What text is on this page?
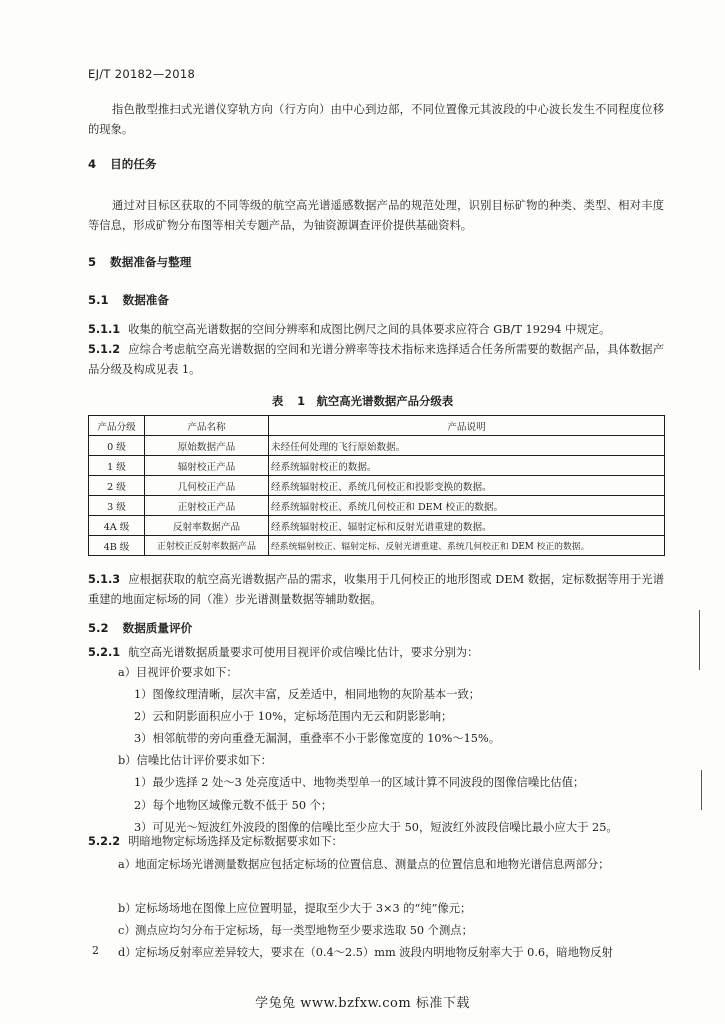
EJ/T 20182—2018
指色散型推扫式光谱仪穿轨方向（行方向）由中心到边部，不同位置像元其波段的中心波长发生不同程度位移的现象。
4 目的任务
通过对目标区获取的不同等级的航空高光谱遥感数据产品的规范处理，识别目标矿物的种类、类型、相对丰度等信息，形成矿物分布图等相关专题产品，为铀资源调查评价提供基础资料。
5 数据准备与整理
5.1 数据准备
5.1.1 收集的航空高光谱数据的空间分辨率和成图比例尺之间的具体要求应符合 GB/T 19294 中规定。
5.1.2 应综合考虑航空高光谱数据的空间和光谱分辨率等技术指标来选择适合任务所需要的数据产品，具体数据产品分级及构成见表 1。
表 1　航空高光谱数据产品分级表
产品分级	产品名称	产品说明
0 级	原始数据产品	未经任何处理的飞行原始数据。
1 级	辐射校正产品	经系统辐射校正的数据。
2 级	几何校正产品	经系统辐射校正、系统几何校正和投影变换的数据。
3 级	正射校正产品	经系统辐射校正、系统几何校正和 DEM 校正的数据。
4A 级	反射率数据产品	经系统辐射校正、辐射定标和反射光谱重建的数据。
4B 级	正射校正反射率数据产品	经系统辐射校正、辐射定标、反射光谱重建、系统几何校正和 DEM 校正的数据。
5.1.3 应根据获取的航空高光谱数据产品的需求，收集用于几何校正的地形图或 DEM 数据，定标数据等用于光谱重建的地面定标场的同（准）步光谱测量数据等辅助数据。
5.2 数据质量评价
5.2.1 航空高光谱数据质量要求可使用目视评价或信噪比估计，要求分别为：
a）目视评价要求如下：
1）图像纹理清晰，层次丰富，反差适中，相同地物的灰阶基本一致；
2）云和阴影面积应小于 10%，定标场范围内无云和阴影影响；
3）相邻航带的旁向重叠无漏洞，重叠率不小于影像宽度的 10%～15%。
b）信噪比估计评价要求如下：
1）最少选择 2 处～3 处亮度适中、地物类型单一的区域计算不同波段的图像信噪比估值；
2）每个地物区域像元数不低于 50 个；
3）可见光～短波红外波段的图像的信噪比至少应大于 50，短波红外波段信噪比最小应大于 25。
5.2.2 明暗地物定标场选择及定标数据要求如下：
a）
地面定标场光谱测量数据应包括定标场的位置信息、测量点的位置信息和地物光谱信息两部分；
b）
定标场场地在图像上应位置明显，提取至少大于 3×3 的“纯”像元；
c） 测点应均匀分布于定标场，每一类型地物至少要求选取 50 个测点；
d）
定标场反射率应差异较大，要求在（0.4～2.5）mm 波段内明地物反射率大于 0.6，暗地物反射
2
学兔兔 www.bzfxw.com 标准下载
